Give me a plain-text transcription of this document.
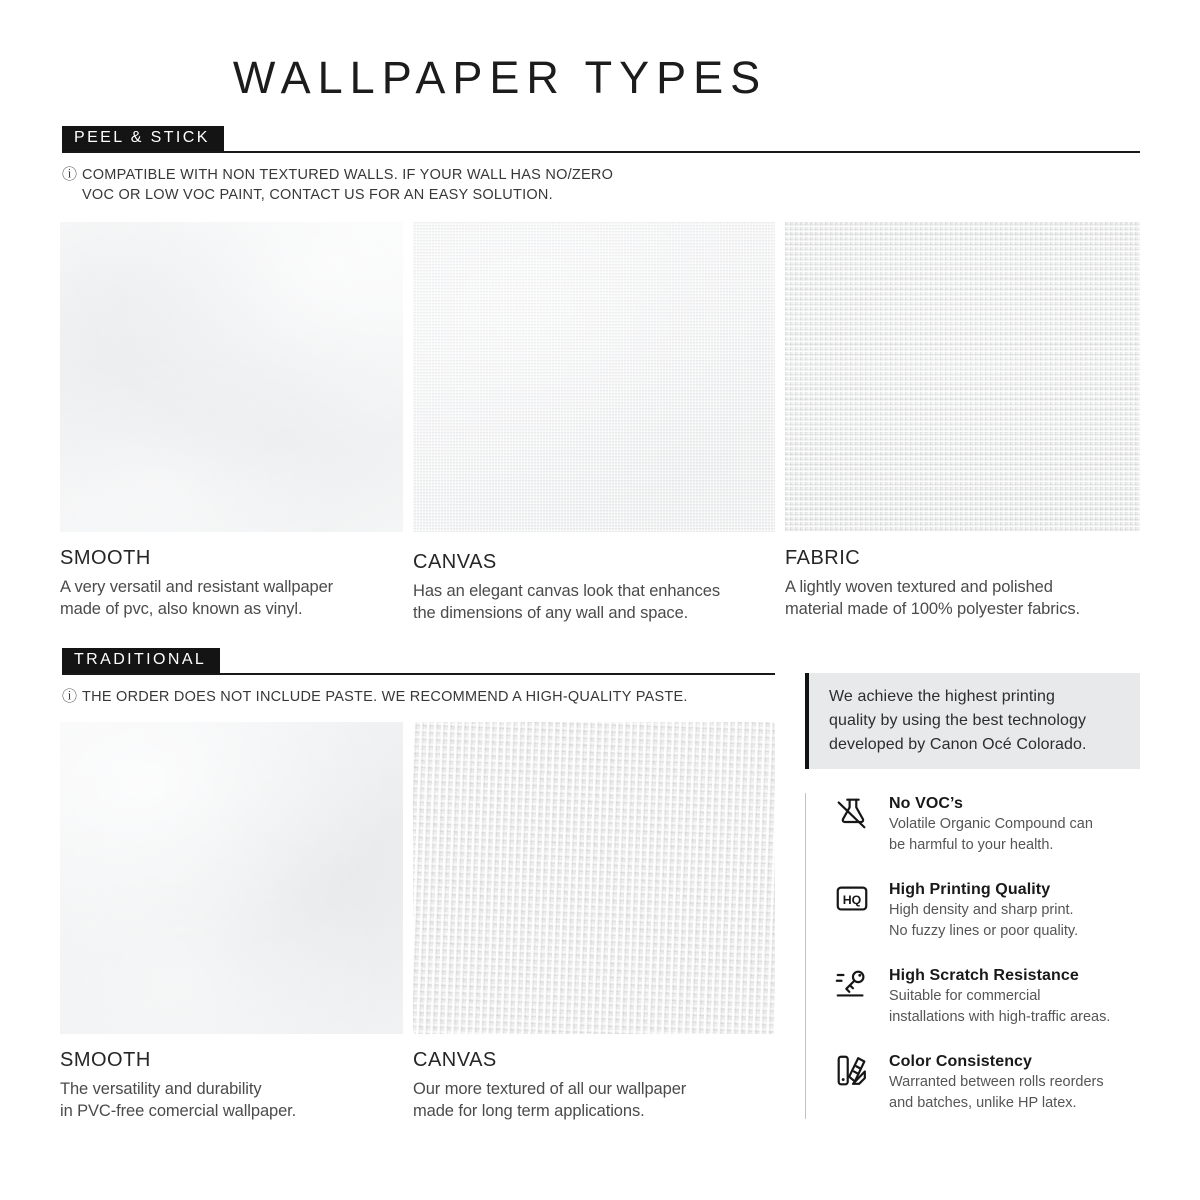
WALLPAPER TYPES
PEEL & STICK
ⓘ COMPATIBLE WITH NON TEXTURED WALLS. IF YOUR WALL HAS NO/ZERO
VOC OR LOW VOC PAINT, CONTACT US FOR AN EASY SOLUTION.
SMOOTH
A very versatil and resistant wallpaper
made of pvc, also known as vinyl.
CANVAS
Has an elegant canvas look that enhances
the dimensions of any wall and space.
FABRIC
A lightly woven textured and polished
material made of 100% polyester fabrics.
TRADITIONAL
ⓘ THE ORDER DOES NOT INCLUDE PASTE. WE RECOMMEND A HIGH-QUALITY PASTE.
SMOOTH
The versatility and durability
in PVC-free comercial wallpaper.
CANVAS
Our more textured of all our wallpaper
made for long term applications.
We achieve the highest printing
quality by using the best technology
developed by Canon Océ Colorado.
No VOC’s
Volatile Organic Compound can
be harmful to your health.
HQ
High Printing Quality
High density and sharp print.
No fuzzy lines or poor quality.
High Scratch Resistance
Suitable for commercial
installations with high-traffic areas.
Color Consistency
Warranted between rolls reorders
and batches, unlike HP latex.
